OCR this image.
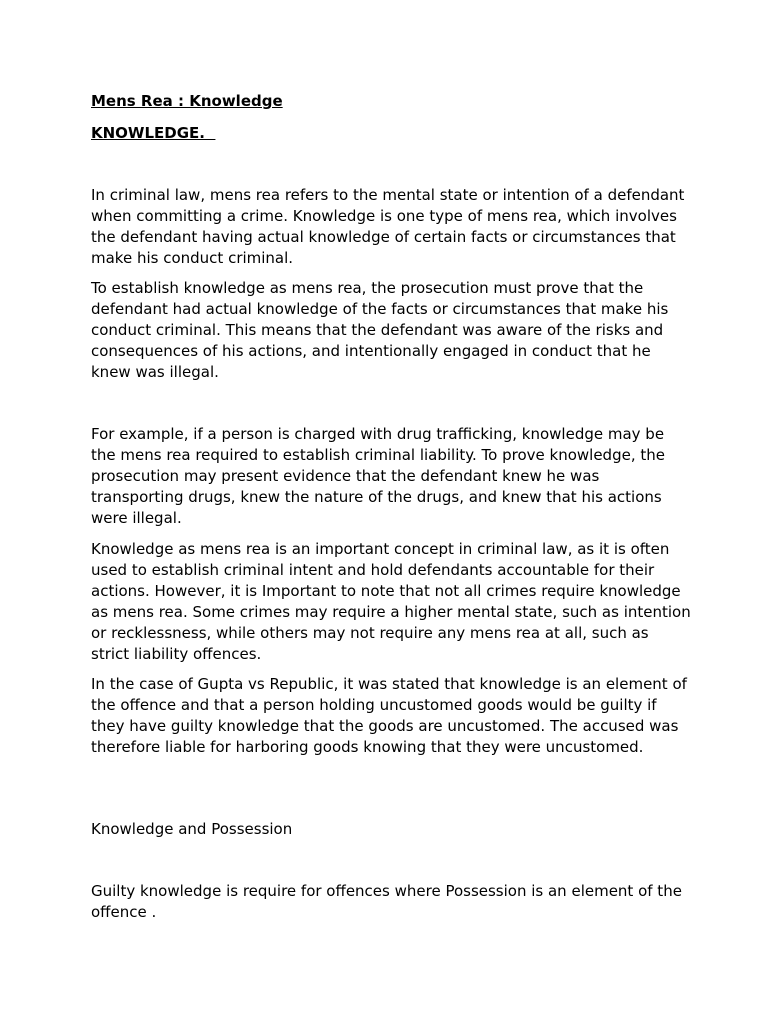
Mens Rea : Knowledge
KNOWLEDGE.

In criminal law, mens rea refers to the mental state or intention of a defendant when committing a crime. Knowledge is one type of mens rea, which involves the defendant having actual knowledge of certain facts or circumstances that make his conduct criminal.

To establish knowledge as mens rea, the prosecution must prove that the defendant had actual knowledge of the facts or circumstances that make his conduct criminal. This means that the defendant was aware of the risks and consequences of his actions, and intentionally engaged in conduct that he knew was illegal.

For example, if a person is charged with drug trafficking, knowledge may be the mens rea required to establish criminal liability. To prove knowledge, the prosecution may present evidence that the defendant knew he was transporting drugs, knew the nature of the drugs, and knew that his actions were illegal.

Knowledge as mens rea is an important concept in criminal law, as it is often used to establish criminal intent and hold defendants accountable for their actions. However, it is Important to note that not all crimes require knowledge as mens rea. Some crimes may require a higher mental state, such as intention or recklessness, while others may not require any mens rea at all, such as strict liability offences.

In the case of Gupta vs Republic, it was stated that knowledge is an element of the offence and that a person holding uncustomed goods would be guilty if they have guilty knowledge that the goods are uncustomed. The accused was therefore liable for harboring goods knowing that they were uncustomed.

Knowledge and Possession

Guilty knowledge is require for offences where Possession is an element of the offence .
